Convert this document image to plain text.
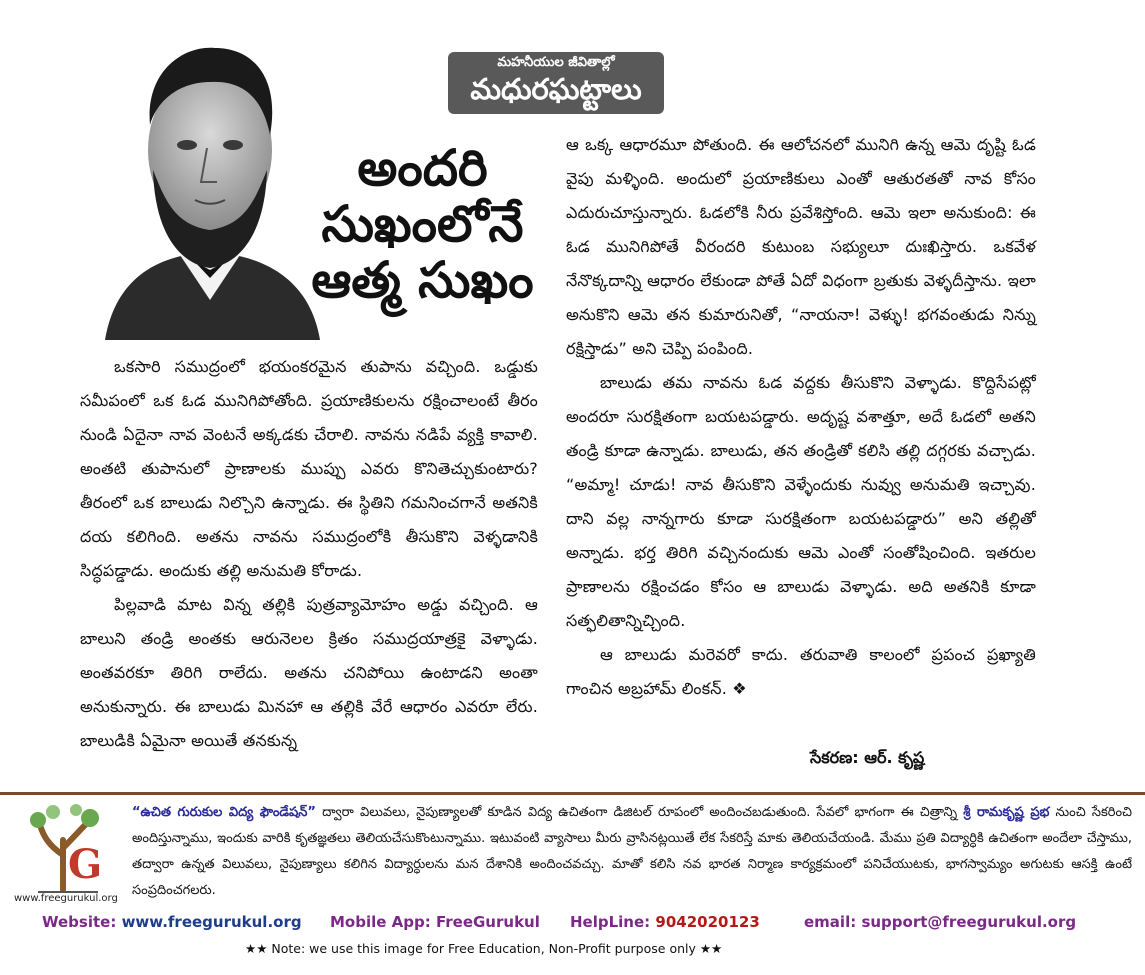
మహనీయుల జీవితాల్లో
మధురఘట్టాలు
అందరి
సుఖంలోనే
ఆత్మ సుఖం

ఒకసారి సముద్రంలో భయంకరమైన తుపాను వచ్చింది. ఒడ్డుకు సమీపంలో ఒక ఓడ మునిగిపోతోంది. ప్రయాణికులను రక్షించాలంటే తీరం నుండి ఏదైనా నావ వెంటనే అక్కడకు చేరాలి. నావను నడిపే వ్యక్తి కావాలి. అంతటి తుపానులో ప్రాణాలకు ముప్పు ఎవరు కొనితెచ్చుకుంటారు? తీరంలో ఒక బాలుడు నిల్చొని ఉన్నాడు. ఈ స్థితిని గమనించగానే అతనికి దయ కలిగింది. అతను నావను సముద్రంలోకి తీసుకొని వెళ్ళడానికి సిద్ధపడ్డాడు. అందుకు తల్లి అనుమతి కోరాడు.

పిల్లవాడి మాట విన్న తల్లికి పుత్రవ్యామోహం అడ్డు వచ్చింది. ఆ బాలుని తండ్రి అంతకు ఆరునెలల క్రితం సముద్రయాత్రకై వెళ్ళాడు. అంతవరకూ తిరిగి రాలేదు. అతను చనిపోయి ఉంటాడని అంతా అనుకున్నారు. ఈ బాలుడు మినహా ఆ తల్లికి వేరే ఆధారం ఎవరూ లేరు. బాలుడికి ఏమైనా అయితే తనకున్న

ఆ ఒక్క ఆధారమూ పోతుంది. ఈ ఆలోచనలో మునిగి ఉన్న ఆమె దృష్టి ఓడ వైపు మళ్ళింది. అందులో ప్రయాణికులు ఎంతో ఆతురతతో నావ కోసం ఎదురుచూస్తున్నారు. ఓడలోకి నీరు ప్రవేశిస్తోంది. ఆమె ఇలా అనుకుంది: ఈ ఓడ మునిగిపోతే వీరందరి కుటుంబ సభ్యులూ దుఃఖిస్తారు. ఒకవేళ నేనొక్కదాన్ని ఆధారం లేకుండా పోతే ఏదో విధంగా బ్రతుకు వెళ్ళదీస్తాను. ఇలా అనుకొని ఆమె తన కుమారునితో, “నాయనా! వెళ్ళు! భగవంతుడు నిన్ను రక్షిస్తాడు” అని చెప్పి పంపింది.

బాలుడు తమ నావను ఓడ వద్దకు తీసుకొని వెళ్ళాడు. కొద్దిసేపట్లో అందరూ సురక్షితంగా బయటపడ్డారు. అదృష్ట వశాత్తూ, అదే ఓడలో అతని తండ్రి కూడా ఉన్నాడు. బాలుడు, తన తండ్రితో కలిసి తల్లి దగ్గరకు వచ్చాడు. “అమ్మా! చూడు! నావ తీసుకొని వెళ్ళేందుకు నువ్వు అనుమతి ఇచ్చావు. దాని వల్ల నాన్నగారు కూడా సురక్షితంగా బయటపడ్డారు” అని తల్లితో అన్నాడు. భర్త తిరిగి వచ్చినందుకు ఆమె ఎంతో సంతోషించింది. ఇతరుల ప్రాణాలను రక్షించడం కోసం ఆ బాలుడు వెళ్ళాడు. అది అతనికి కూడా సత్ఫలితాన్నిచ్చింది.

ఆ బాలుడు మరెవరో కాదు. తరువాతి కాలంలో ప్రపంచ ప్రఖ్యాతి గాంచిన అబ్రహామ్ లింకన్. ❖

సేకరణ: ఆర్. కృష్ణ
G
www.freegurukul.org
“ఉచిత గురుకుల విద్య ఫౌండేషన్” ద్వారా విలువలు, నైపుణ్యాలతో కూడిన విద్య ఉచితంగా డిజిటల్ రూపంలో అందించబడుతుంది. సేవలో భాగంగా ఈ చిత్రాన్ని శ్రీ రామకృష్ణ ప్రభ నుంచి సేకరించి అందిస్తున్నాము, ఇందుకు వారికి కృతజ్ఞతలు తెలియచేసుకొంటున్నాము. ఇటువంటి వ్యాసాలు మీరు వ్రాసినట్లయితే లేక సేకరిస్తే మాకు తెలియచేయండి. మేము ప్రతి విద్యార్ధికి ఉచితంగా అందేలా చేస్తాము, తద్వారా ఉన్నత విలువలు, నైపుణ్యాలు కలిగిన విద్యార్ధులను మన దేశానికి అందించవచ్చు. మాతో కలిసి నవ భారత నిర్మాణ కార్యక్రమంలో పనిచేయుటకు, భాగస్వామ్యం అగుటకు ఆసక్తి ఉంటే సంప్రదించగలరు.
Website: www.freegurukul.org Mobile App: FreeGurukul HelpLine: 9042020123	email: support@freegurukul.org
★★ Note: we use this image for Free Education, Non-Profit purpose only ★★
